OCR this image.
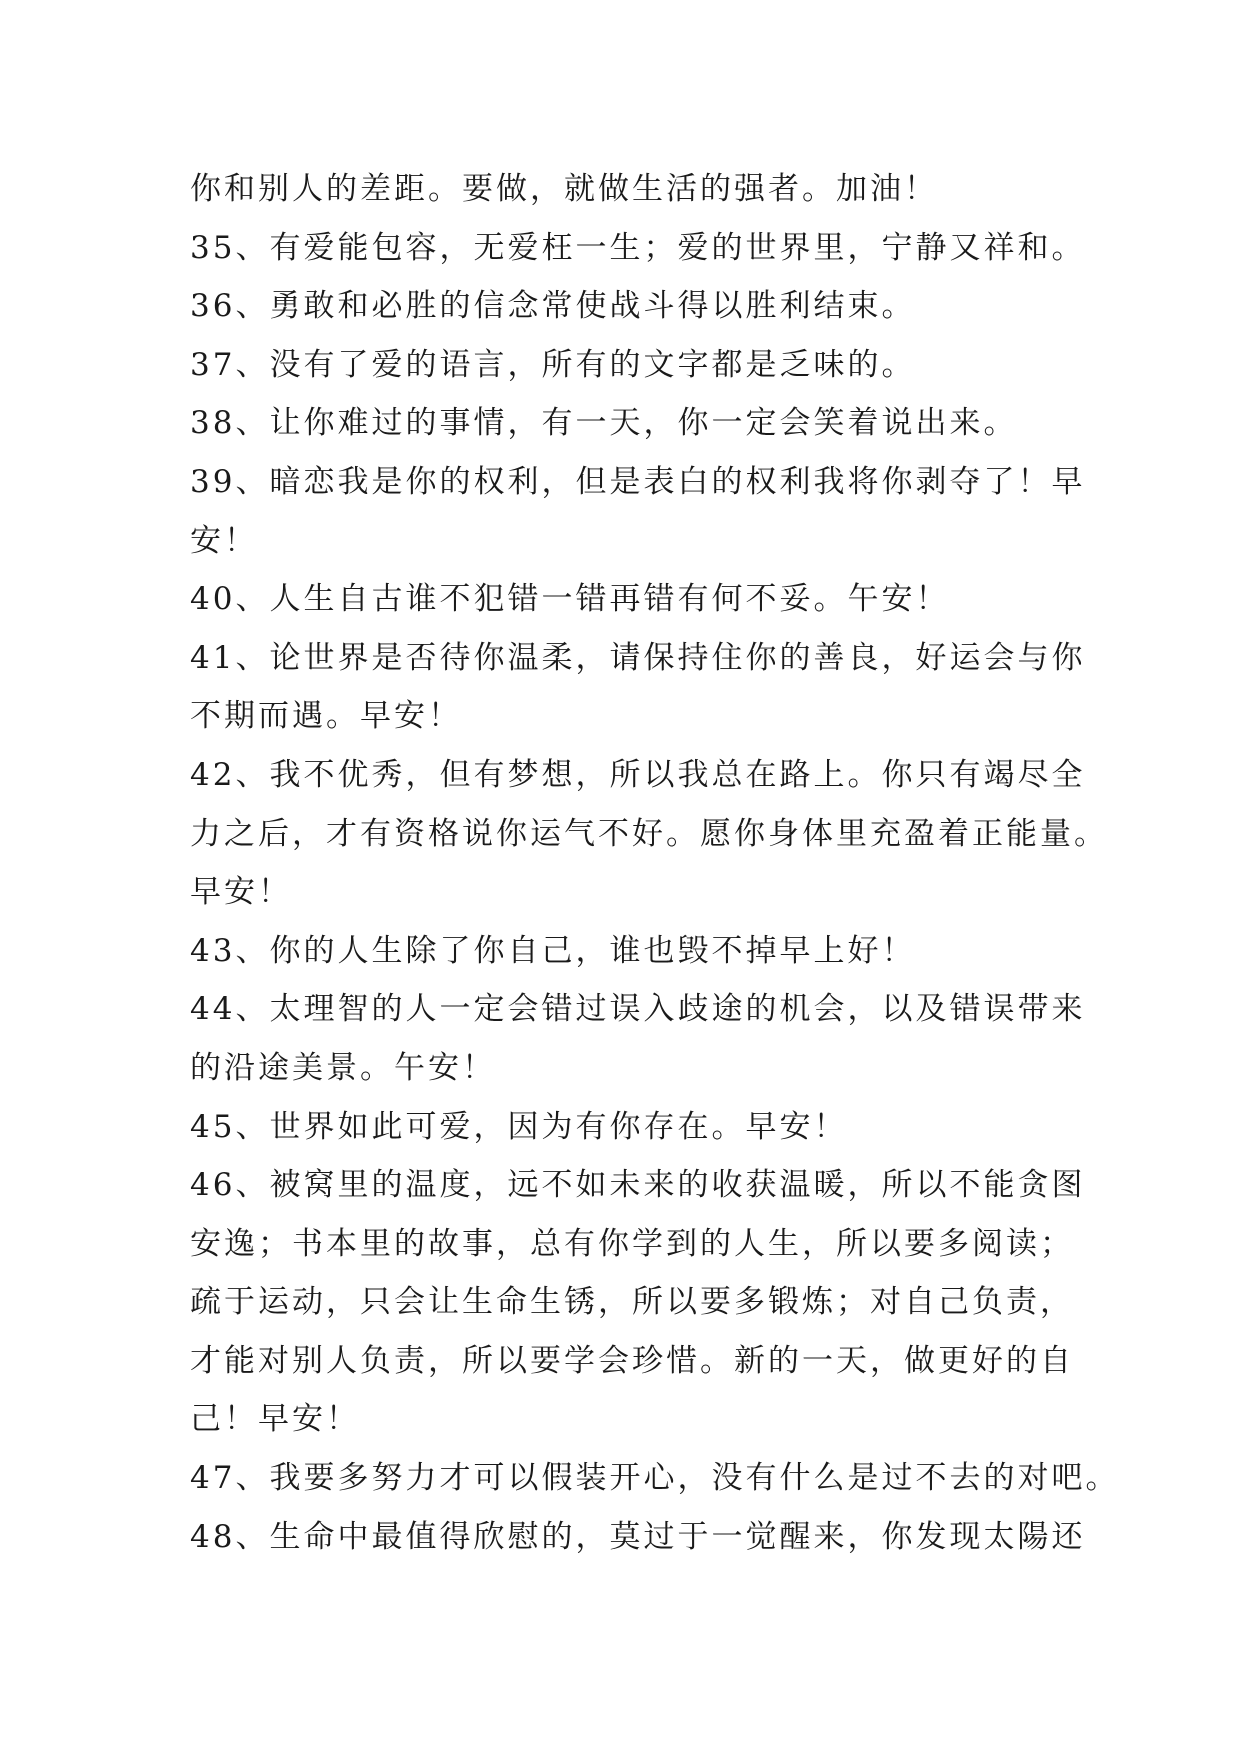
你和别人的差距。要做，就做生活的强者。加油！
35、有爱能包容，无爱枉一生；爱的世界里，宁静又祥和。
36、勇敢和必胜的信念常使战斗得以胜利结束。
37、没有了爱的语言，所有的文字都是乏味的。
38、让你难过的事情，有一天，你一定会笑着说出来。
39、暗恋我是你的权利，但是表白的权利我将你剥夺了！早
安！
40、人生自古谁不犯错一错再错有何不妥。午安！
41、论世界是否待你温柔，请保持住你的善良，好运会与你
不期而遇。早安！
42、我不优秀，但有梦想，所以我总在路上。你只有竭尽全
力之后，才有资格说你运气不好。愿你身体里充盈着正能量。
早安！
43、你的人生除了你自己，谁也毁不掉早上好！
44、太理智的人一定会错过误入歧途的机会，以及错误带来
的沿途美景。午安！
45、世界如此可爱，因为有你存在。早安！
46、被窝里的温度，远不如未来的收获温暖，所以不能贪图
安逸；书本里的故事，总有你学到的人生，所以要多阅读；
疏于运动，只会让生命生锈，所以要多锻炼；对自己负责，
才能对别人负责，所以要学会珍惜。新的一天，做更好的自
己！早安！
47、我要多努力才可以假装开心，没有什么是过不去的对吧。
48、生命中最值得欣慰的，莫过于一觉醒来，你发现太陽还
